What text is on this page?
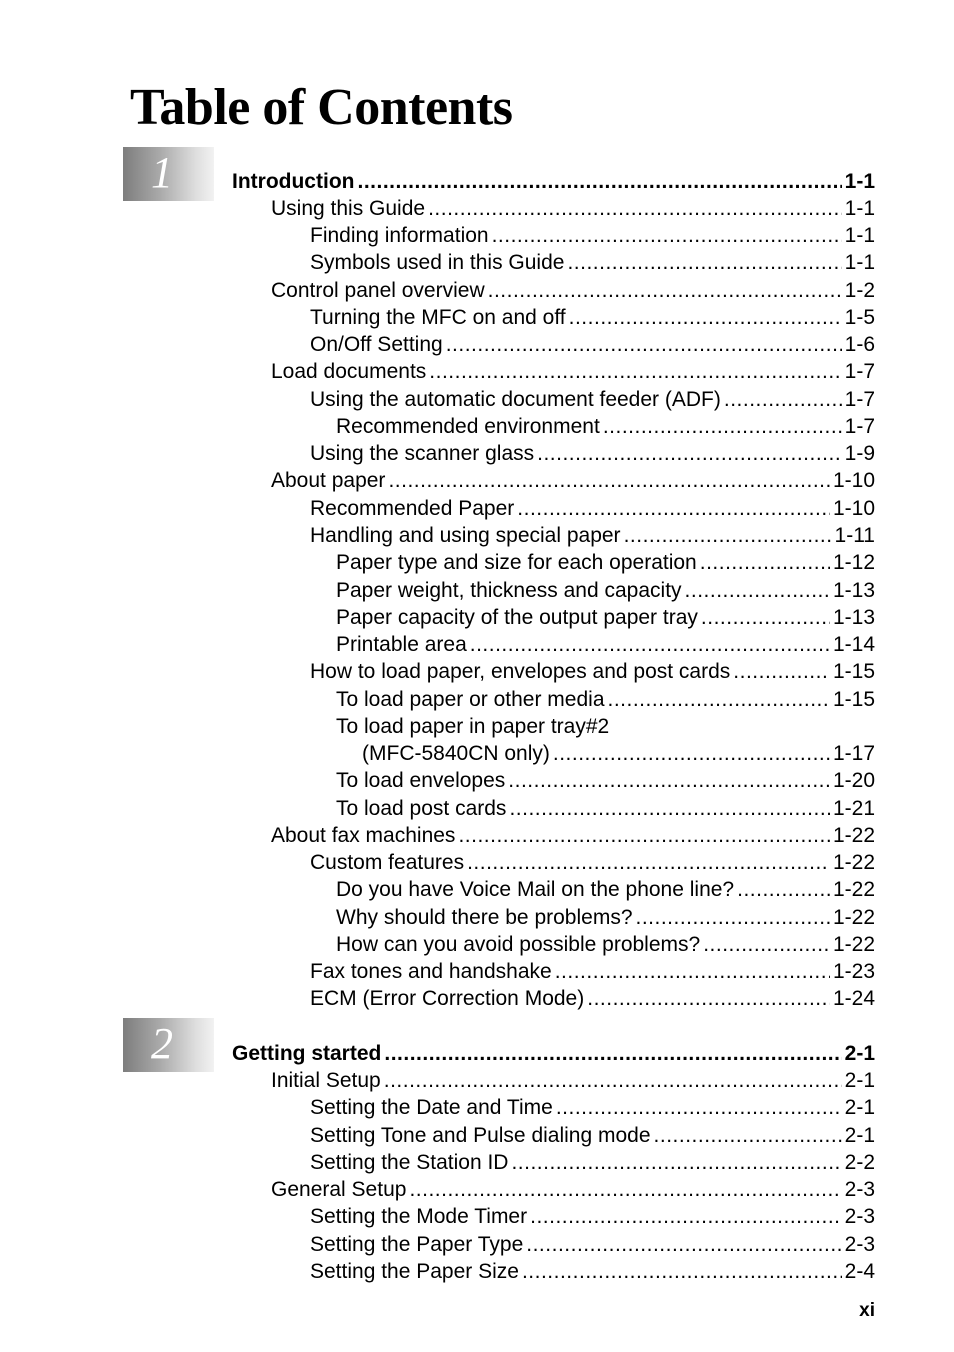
Table of Contents
1
2
Introduction .....	1-1
Using this Guide .....	1-1
Finding information .....	1-1
Symbols used in this Guide .....	1-1
Control panel overview .....	1-2
Turning the MFC on and off .....	1-5
On/Off Setting .....	1-6
Load documents .....	1-7
Using the automatic document feeder (ADF) .....	1-7
Recommended environment .....	1-7
Using the scanner glass .....	1-9
About paper .....	1-10
Recommended Paper .....	1-10
Handling and using special paper .....	1-11
Paper type and size for each operation .....	1-12
Paper weight, thickness and capacity .....	1-13
Paper capacity of the output paper tray .....	1-13
Printable area .....	1-14
How to load paper, envelopes and post cards .....	1-15
To load paper or other media .....	1-15
To load paper in paper tray#2
(MFC-5840CN only) .....	1-17
To load envelopes .....	1-20
To load post cards .....	1-21
About fax machines .....	1-22
Custom features .....	1-22
Do you have Voice Mail on the phone line? .....	1-22
Why should there be problems? .....	1-22
How can you avoid possible problems? .....	1-22
Fax tones and handshake .....	1-23
ECM (Error Correction Mode) .....	1-24
Getting started .....	2-1
Initial Setup .....	2-1
Setting the Date and Time .....	2-1
Setting Tone and Pulse dialing mode .....	2-1
Setting the Station ID .....	2-2
General Setup .....	2-3
Setting the Mode Timer .....	2-3
Setting the Paper Type .....	2-3
Setting the Paper Size .....	2-4
xi
